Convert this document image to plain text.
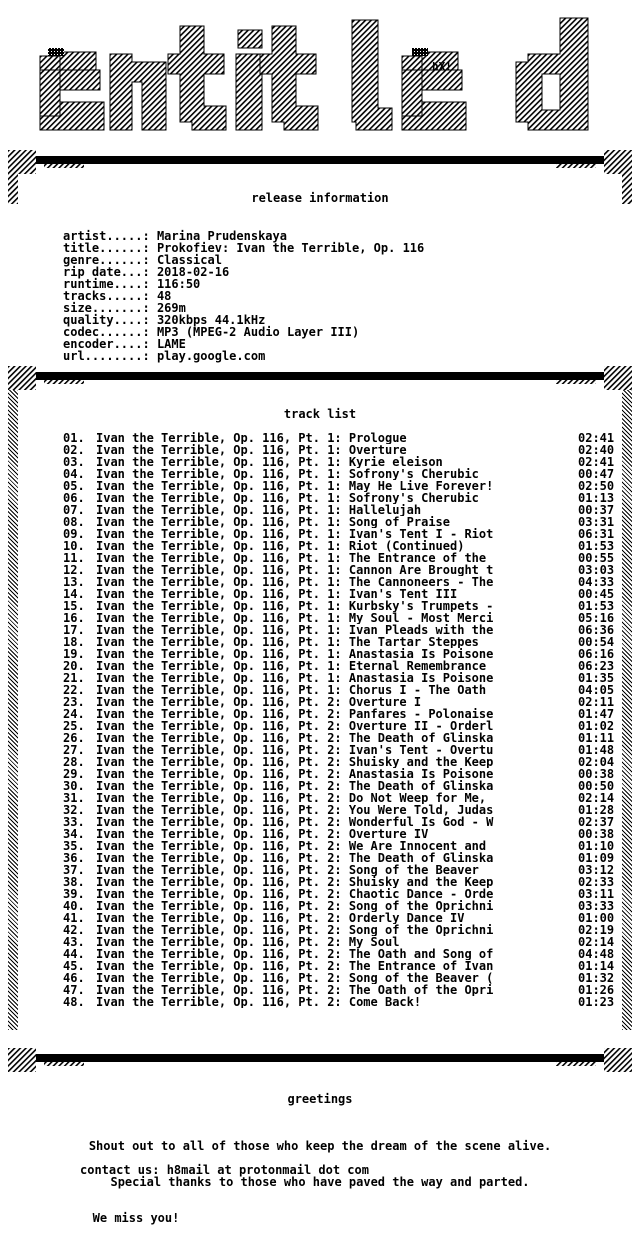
hX!
release information
artist.....: Marina Prudenskaya
title......: Prokofiev: Ivan the Terrible, Op. 116
genre......: Classical
rip date...: 2018-02-16
runtime....: 116:50
tracks.....: 48
size.......: 269m
quality....: 320kbps 44.1kHz
codec......: MP3 (MPEG-2 Audio Layer III)
encoder....: LAME
url........: play.google.com
track list
01. Ivan the Terrible, Op. 116, Pt. 1: Prologue	02:41
02. Ivan the Terrible, Op. 116, Pt. 1: Overture	02:40
03. Ivan the Terrible, Op. 116, Pt. 1: Kyrie eleison	02:41
04. Ivan the Terrible, Op. 116, Pt. 1: Sofrony's Cherubic	00:47
05. Ivan the Terrible, Op. 116, Pt. 1: May He Live Forever!	02:50
06. Ivan the Terrible, Op. 116, Pt. 1: Sofrony's Cherubic	01:13
07. Ivan the Terrible, Op. 116, Pt. 1: Hallelujah	00:37
08. Ivan the Terrible, Op. 116, Pt. 1: Song of Praise	03:31
09. Ivan the Terrible, Op. 116, Pt. 1: Ivan's Tent I - Riot	06:31
10. Ivan the Terrible, Op. 116, Pt. 1: Riot (Continued)	01:53
11. Ivan the Terrible, Op. 116, Pt. 1: The Entrance of the	00:55
12. Ivan the Terrible, Op. 116, Pt. 1: Cannon Are Brought t	03:03
13. Ivan the Terrible, Op. 116, Pt. 1: The Cannoneers - The	04:33
14. Ivan the Terrible, Op. 116, Pt. 1: Ivan's Tent III	00:45
15. Ivan the Terrible, Op. 116, Pt. 1: Kurbsky's Trumpets -	01:53
16. Ivan the Terrible, Op. 116, Pt. 1: My Soul - Most Merci	05:16
17. Ivan the Terrible, Op. 116, Pt. 1: Ivan Pleads with the	06:36
18. Ivan the Terrible, Op. 116, Pt. 1: The Tartar Steppes	00:54
19. Ivan the Terrible, Op. 116, Pt. 1: Anastasia Is Poisone	06:16
20. Ivan the Terrible, Op. 116, Pt. 1: Eternal Remembrance	06:23
21. Ivan the Terrible, Op. 116, Pt. 1: Anastasia Is Poisone	01:35
22. Ivan the Terrible, Op. 116, Pt. 1: Chorus I - The Oath	04:05
23. Ivan the Terrible, Op. 116, Pt. 2: Overture I	02:11
24. Ivan the Terrible, Op. 116, Pt. 2: Panfares - Polonaise	01:47
25. Ivan the Terrible, Op. 116, Pt. 2: Overture II - Orderl	01:02
26. Ivan the Terrible, Op. 116, Pt. 2: The Death of Glinska	01:11
27. Ivan the Terrible, Op. 116, Pt. 2: Ivan's Tent - Overtu	01:48
28. Ivan the Terrible, Op. 116, Pt. 2: Shuisky and the Keep	02:04
29. Ivan the Terrible, Op. 116, Pt. 2: Anastasia Is Poisone	00:38
30. Ivan the Terrible, Op. 116, Pt. 2: The Death of Glinska	00:50
31. Ivan the Terrible, Op. 116, Pt. 2: Do Not Weep for Me,	02:14
32. Ivan the Terrible, Op. 116, Pt. 2: You Were Told, Judas	01:28
33. Ivan the Terrible, Op. 116, Pt. 2: Wonderful Is God - W	02:37
34. Ivan the Terrible, Op. 116, Pt. 2: Overture IV	00:38
35. Ivan the Terrible, Op. 116, Pt. 2: We Are Innocent and	01:10
36. Ivan the Terrible, Op. 116, Pt. 2: The Death of Glinska	01:09
37. Ivan the Terrible, Op. 116, Pt. 2: Song of the Beaver	03:12
38. Ivan the Terrible, Op. 116, Pt. 2: Shuisky and the Keep	02:33
39. Ivan the Terrible, Op. 116, Pt. 2: Chaotic Dance - Orde	03:11
40. Ivan the Terrible, Op. 116, Pt. 2: Song of the Oprichni	03:33
41. Ivan the Terrible, Op. 116, Pt. 2: Orderly Dance IV	01:00
42. Ivan the Terrible, Op. 116, Pt. 2: Song of the Oprichni	02:19
43. Ivan the Terrible, Op. 116, Pt. 2: My Soul	02:14
44. Ivan the Terrible, Op. 116, Pt. 2: The Oath and Song of	04:48
45. Ivan the Terrible, Op. 116, Pt. 2: The Entrance of Ivan	01:14
46. Ivan the Terrible, Op. 116, Pt. 2: Song of the Beaver (	01:32
47. Ivan the Terrible, Op. 116, Pt. 2: The Oath of the Opri	01:26
48. Ivan the Terrible, Op. 116, Pt. 2: Come Back!	01:23
greetings

Shout out to all of those who keep the dream of the scene alive.

Special thanks to those who have paved the way and parted.

We miss you!

contact us: h8mail at protonmail dot com
